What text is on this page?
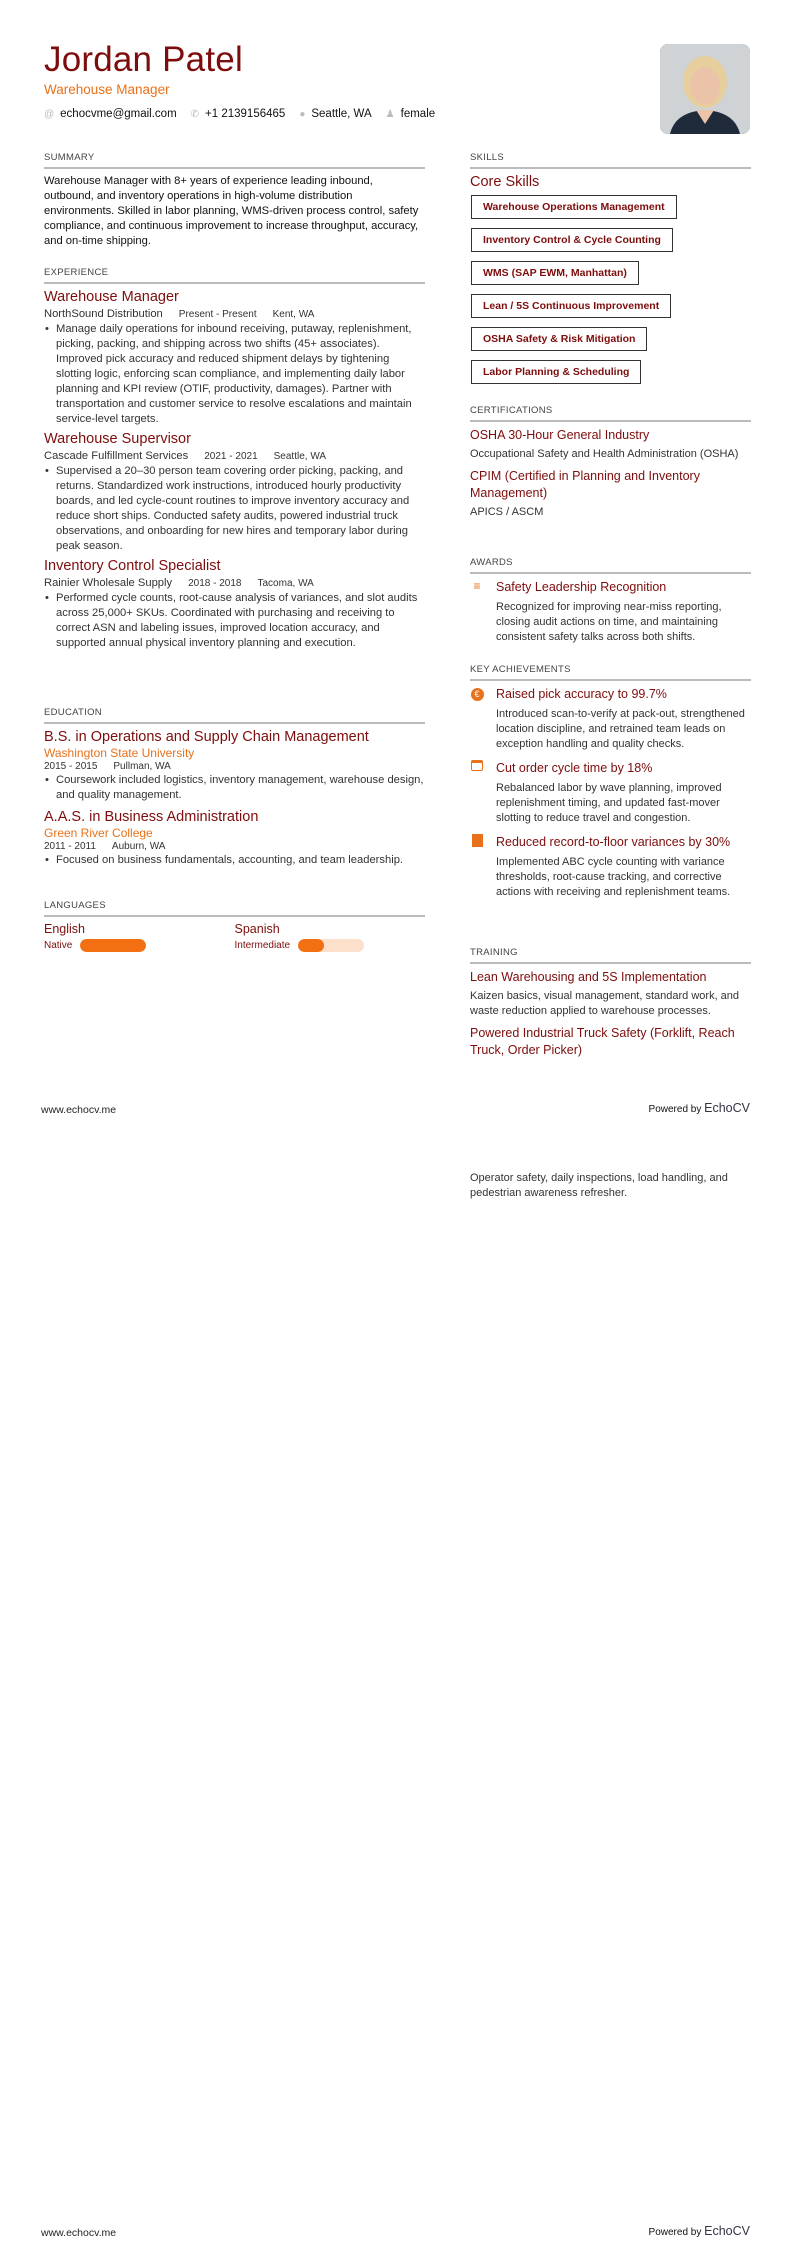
Jordan Patel
Warehouse Manager
@ echocvme@gmail.com ✆ +1 2139156465 ● Seattle, WA ♟ female
SUMMARY
Warehouse Manager with 8+ years of experience leading inbound, outbound, and inventory operations in high-volume distribution environments. Skilled in labor planning, WMS-driven process control, safety compliance, and continuous improvement to increase throughput, accuracy, and on-time shipping.
EXPERIENCE
Warehouse Manager
NorthSound Distribution Present - Present Kent, WA
• Manage daily operations for inbound receiving, putaway, replenishment, picking, packing, and shipping across two shifts (45+ associates). Improved pick accuracy and reduced shipment delays by tightening slotting logic, enforcing scan compliance, and implementing daily labor planning and KPI review (OTIF, productivity, damages). Partner with transportation and customer service to resolve escalations and maintain service-level targets.
Warehouse Supervisor
Cascade Fulfillment Services 2021 - 2021 Seattle, WA
• Supervised a 20–30 person team covering order picking, packing, and returns. Standardized work instructions, introduced hourly productivity boards, and led cycle-count routines to improve inventory accuracy and reduce short ships. Conducted safety audits, powered industrial truck observations, and onboarding for new hires and temporary labor during peak season.
Inventory Control Specialist
Rainier Wholesale Supply 2018 - 2018 Tacoma, WA
• Performed cycle counts, root-cause analysis of variances, and slot audits across 25,000+ SKUs. Coordinated with purchasing and receiving to correct ASN and labeling issues, improved location accuracy, and supported annual physical inventory planning and execution.
EDUCATION
B.S. in Operations and Supply Chain Management
Washington State University
2015 - 2015 Pullman, WA
• Coursework included logistics, inventory management, warehouse design, and quality management.
A.A.S. in Business Administration
Green River College
2011 - 2011 Auburn, WA
• Focused on business fundamentals, accounting, and team leadership.
LANGUAGES
English
Native
Spanish
Intermediate
SKILLS
Core Skills
Warehouse Operations Management
Inventory Control & Cycle Counting
WMS (SAP EWM, Manhattan)
Lean / 5S Continuous Improvement
OSHA Safety & Risk Mitigation
Labor Planning & Scheduling
CERTIFICATIONS
OSHA 30-Hour General Industry
Occupational Safety and Health Administration (OSHA)
CPIM (Certified in Planning and Inventory Management)
APICS / ASCM
AWARDS
≡ Safety Leadership Recognition
Recognized for improving near-miss reporting, closing audit actions on time, and maintaining consistent safety talks across both shifts.
KEY ACHIEVEMENTS
€	Raised pick accuracy to 99.7%
Introduced scan-to-verify at pack-out, strengthened location discipline, and retrained team leads on exception handling and quality checks.
Cut order cycle time by 18%
Rebalanced labor by wave planning, improved replenishment timing, and updated fast-mover slotting to reduce travel and congestion.
Reduced record-to-floor variances by 30%
Implemented ABC cycle counting with variance thresholds, root-cause tracking, and corrective actions with receiving and replenishment teams.
TRAINING
Lean Warehousing and 5S Implementation
Kaizen basics, visual management, standard work, and waste reduction applied to warehouse processes.
Powered Industrial Truck Safety (Forklift, Reach Truck, Order Picker)
Operator safety, daily inspections, load handling, and pedestrian awareness refresher.
www.echocv.me	Powered by EchoCV
www.echocv.me	Powered by EchoCV
